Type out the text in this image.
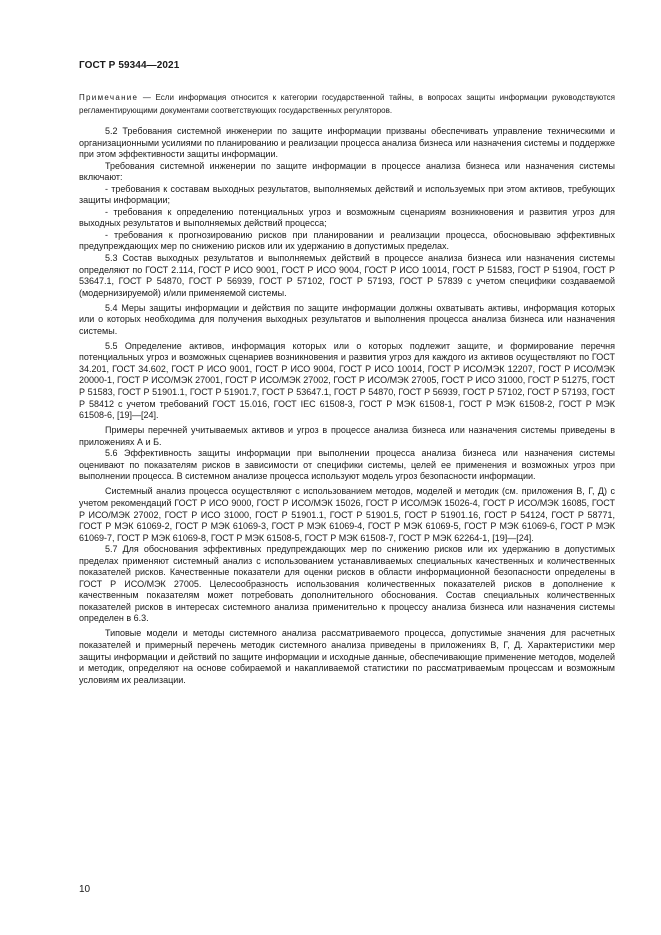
ГОСТ Р 59344—2021
Примечание — Если информация относится к категории государственной тайны, в вопросах защиты информации руководствуются регламентирующими документами соответствующих государственных регуляторов.

5.2 Требования системной инженерии по защите информации призваны обеспечивать управление техническими и организационными усилиями по планированию и реализации процесса анализа бизнеса или назначения системы и поддержке при этом эффективности защиты информации.

Требования системной инженерии по защите информации в процессе анализа бизнеса или назначения системы включают:

- требования к составам выходных результатов, выполняемых действий и используемых при этом активов, требующих защиты информации;

- требования к определению потенциальных угроз и возможным сценариям возникновения и развития угроз для выходных результатов и выполняемых действий процесса;

- требования к прогнозированию рисков при планировании и реализации процесса, обосновываю эффективных предупреждающих мер по снижению рисков или их удержанию в допустимых пределах.

5.3 Состав выходных результатов и выполняемых действий в процессе анализа бизнеса или назначения системы определяют по ГОСТ 2.114, ГОСТ Р ИСО 9001, ГОСТ Р ИСО 9004, ГОСТ Р ИСО 10014, ГОСТ Р 51583, ГОСТ Р 51904, ГОСТ Р 53647.1, ГОСТ Р 54870, ГОСТ Р 56939, ГОСТ Р 57102, ГОСТ Р 57193, ГОСТ Р 57839 с учетом специфики создаваемой (модернизируемой) и/или применяемой системы.

5.4 Меры защиты информации и действия по защите информации должны охватывать активы, информация которых или о которых необходима для получения выходных результатов и выполнения процесса анализа бизнеса или назначения системы.

5.5 Определение активов, информация которых или о которых подлежит защите, и формирование перечня потенциальных угроз и возможных сценариев возникновения и развития угроз для каждого из активов осуществляют по ГОСТ 34.201, ГОСТ 34.602, ГОСТ Р ИСО 9001, ГОСТ Р ИСО 9004, ГОСТ Р ИСО 10014, ГОСТ Р ИСО/МЭК 12207, ГОСТ Р ИСО/МЭК 20000-1, ГОСТ Р ИСО/МЭК 27001, ГОСТ Р ИСО/МЭК 27002, ГОСТ Р ИСО/МЭК 27005, ГОСТ Р ИСО 31000, ГОСТ Р 51275, ГОСТ Р 51583, ГОСТ Р 51901.1, ГОСТ Р 51901.7, ГОСТ Р 53647.1, ГОСТ Р 54870, ГОСТ Р 56939, ГОСТ Р 57102, ГОСТ Р 57193, ГОСТ Р 58412 с учетом требований ГОСТ 15.016, ГОСТ IEC 61508-3, ГОСТ Р МЭК 61508-1, ГОСТ Р МЭК 61508-2, ГОСТ Р МЭК 61508-6, [19]—[24].

Примеры перечней учитываемых активов и угроз в процессе анализа бизнеса или назначения системы приведены в приложениях А и Б.

5.6 Эффективность защиты информации при выполнении процесса анализа бизнеса или назначения системы оценивают по показателям рисков в зависимости от специфики системы, целей ее применения и возможных угроз при выполнении процесса. В системном анализе процесса используют модель угроз безопасности информации.

Системный анализ процесса осуществляют с использованием методов, моделей и методик (см. приложения В, Г, Д) с учетом рекомендаций ГОСТ Р ИСО 9000, ГОСТ Р ИСО/МЭК 15026, ГОСТ Р ИСО/МЭК 15026-4, ГОСТ Р ИСО/МЭК 16085, ГОСТ Р ИСО/МЭК 27002, ГОСТ Р ИСО 31000, ГОСТ Р 51901.1, ГОСТ Р 51901.5, ГОСТ Р 51901.16, ГОСТ Р 54124, ГОСТ Р 58771, ГОСТ Р МЭК 61069-2, ГОСТ Р МЭК 61069-3, ГОСТ Р МЭК 61069-4, ГОСТ Р МЭК 61069-5, ГОСТ Р МЭК 61069-6, ГОСТ Р МЭК 61069-7, ГОСТ Р МЭК 61069-8, ГОСТ Р МЭК 61508-5, ГОСТ Р МЭК 61508-7, ГОСТ Р МЭК 62264-1, [19]—[24].

5.7 Для обоснования эффективных предупреждающих мер по снижению рисков или их удержанию в допустимых пределах применяют системный анализ с использованием устанавливаемых специальных качественных и количественных показателей рисков. Качественные показатели для оценки рисков в области информационной безопасности определены в ГОСТ Р ИСО/МЭК 27005. Целесообразность использования количественных показателей рисков в дополнение к качественным показателям может потребовать дополнительного обоснования. Состав специальных количественных показателей рисков в интересах системного анализа применительно к процессу анализа бизнеса или назначения системы определен в 6.3.

Типовые модели и методы системного анализа рассматриваемого процесса, допустимые значения для расчетных показателей и примерный перечень методик системного анализа приведены в приложениях В, Г, Д. Характеристики мер защиты информации и действий по защите информации и исходные данные, обеспечивающие применение методов, моделей и методик, определяют на основе собираемой и накапливаемой статистики по рассматриваемым процессам и возможным условиям их реализации.

10
